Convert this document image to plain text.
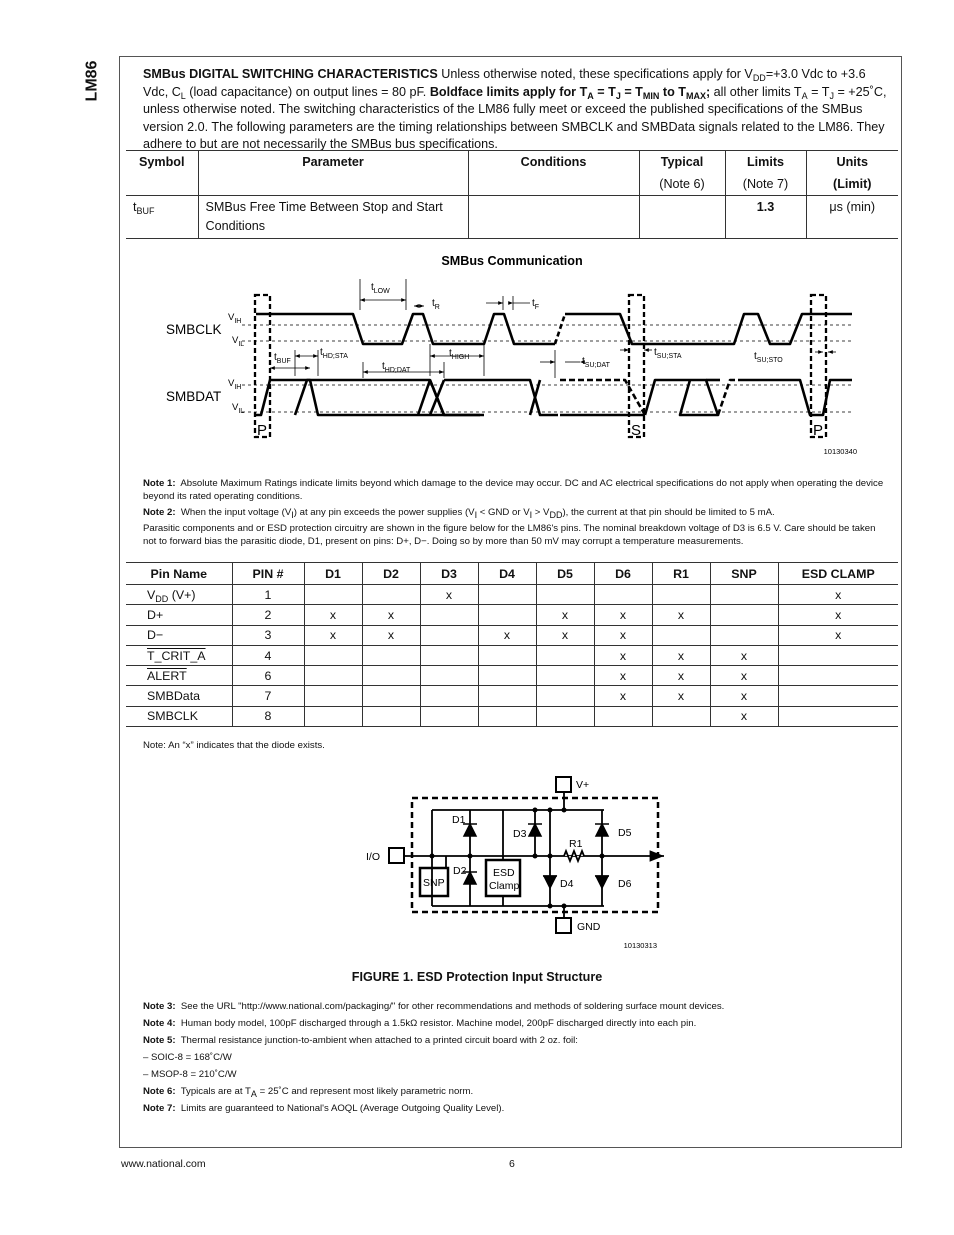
LM86	SMBus DIGITAL SWITCHING CHARACTERISTICS Unless otherwise noted, these specifications apply for $V_{DD}=+3.0$ Vdc to +3.6 Vdc, $C_L$ (load capacitance) on output lines = 80 pF. Boldface limits apply for $T_A = T_J = T_{MIN}$ to $T_{MAX}$; all other limits $T_A = T_J$ = +25˚C, unless otherwise noted. The switching characteristics of the LM86 fully meet or exceed the published specifications of the SMBus version 2.0. The following parameters are the timing relationships between SMBCLK and SMBData signals related to the LM86. They adhere to but are not necessarily the SMBus bus specifications.
Symbol	Parameter	Conditions	Typical	Limits	Units
			(Note 6)	(Note 7)	(Limit)
$t_{BUF}$	SMBus Free Time Between Stop and Start Conditions			1.3	μs (min)
SMBus Communication
P	S	P
SMBCLK
SMBDAT
$V_{IH}$
$V_{IL}$
$V_{IH}$
$V_{IL}$
$t_{LOW}$
$t_R$	$t_F$
$t_{BUF}$
$t_{HD;STA}$	$t_{HIGH}$
$t_{HD;DAT}$
$t_{SU;DAT}$
$t_{SU;STA}$	$t_{SU;STO}$
10130340

Note 1: Absolute Maximum Ratings indicate limits beyond which damage to the device may occur. DC and AC electrical specifications do not apply when operating the device beyond its rated operating conditions.

Note 2: When the input voltage $(V_I)$ at any pin exceeds the power supplies ($V_I$ < GND or $V_I > V_{DD}$), the current at that pin should be limited to 5 mA.

Parasitic components and or ESD protection circuitry are shown in the figure below for the LM86's pins. The nominal breakdown voltage of D3 is 6.5 V. Care should be taken not to forward bias the parasitic diode, D1, present on pins: D+, D−. Doing so by more than 50 mV may corrupt a temperature measurements.

Pin Name	PIN #	D1	D2	D3	D4	D5	D6	R1	SNP	ESD CLAMP
$V_{DD}$ (V+)	1			x						x
D+	2	x	x			x	x	x		x
D−	3	x	x		x	x	x			x
T_CRIT_A	4						x	x	x	
ALERT	6						x	x	x	
SMBData	7						x	x	x	
SMBCLK	8								x	
Note: An “x” indicates that the diode exists.
V+
GND
I/O
D1
D2
D3
D4
D5
D6
R1
SNP
ESD
Clamp
10130313
FIGURE 1. ESD Protection Input Structure

Note 3: See the URL "http://www.national.com/packaging/" for other recommendations and methods of soldering surface mount devices.

Note 4: Human body model, 100pF discharged through a 1.5kΩ resistor. Machine model, 200pF discharged directly into each pin.

Note 5: Thermal resistance junction-to-ambient when attached to a printed circuit board with 2 oz. foil:

– SOIC-8 = 168˚C/W

– MSOP-8 = 210˚C/W

Note 6: Typicals are at $T_A$ = 25˚C and represent most likely parametric norm.

Note 7: Limits are guaranteed to National's AOQL (Average Outgoing Quality Level).

www.national.com	6
